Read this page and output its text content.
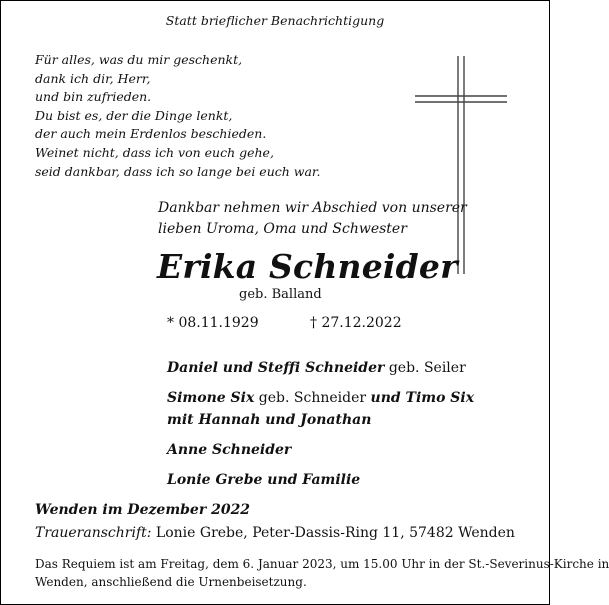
Statt brieflicher Benachrichtigung
Für alles, was du mir geschenkt,
dank ich dir, Herr,
und bin zufrieden.
Du bist es, der die Dinge lenkt,
der auch mein Erdenlos beschieden.
Weinet nicht, dass ich von euch gehe,
seid dankbar, dass ich so lange bei euch war.
Dankbar nehmen wir Abschied von unserer
lieben Uroma, Oma und Schwester
Erika Schneider
geb. Balland
* 08.11.1929	† 27.12.2022
Daniel und Steffi Schneider geb. Seiler
Simone Six geb. Schneider und Timo Six
mit Hannah und Jonathan
Anne Schneider
Lonie Grebe und Familie
Wenden im Dezember 2022
Traueranschrift: Lonie Grebe, Peter-Dassis-Ring 11, 57482 Wenden
Das Requiem ist am Freitag, dem 6. Januar 2023, um 15.00 Uhr in der St.-Severinus-Kirche in
Wenden, anschließend die Urnenbeisetzung.
